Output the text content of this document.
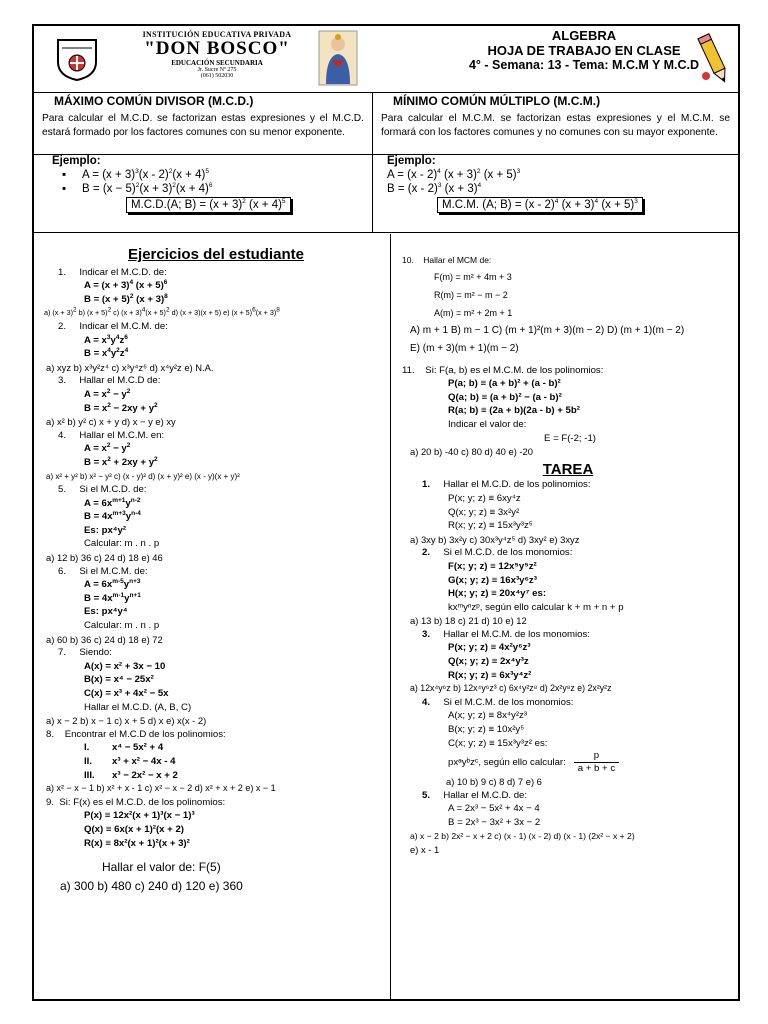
INSTITUCIÓN EDUCATIVA PRIVADA
"DON BOSCO"
EDUCACIÓN SECUNDARIA
Jr. Sucre Nº 275
(061) 502030
ALGEBRA
HOJA DE TRABAJO EN CLASE
4° - Semana: 13 - Tema: M.C.M Y M.C.D
MÁXIMO COMÚN DIVISOR (M.C.D.)
Para calcular el M.C.D. se factorizan estas expresiones y el M.C.D. estará formado por los factores comunes con su menor exponente.
Ejemplo:
▪     $A = (x + 3)^3(x - 2)^2(x + 4)^5$
▪     $B = (x - 5)^2(x + 3)^2(x + 4)^6$
M.C.D.(A; $B) = (x + 3)^2$ $(x + 4)^5$
MÍNIMO COMÚN MÚLTIPLO (M.C.M.)
Para calcular el M.C.M. se factorizan estas expresiones y el M.C.M. se formará con los factores comunes y no comunes con su mayor exponente.
Ejemplo:
A = (x - 2)$^4$ $(x + 3)^2$ $(x + 5)^3$
B = (x - 2)$^3$ $(x + 3)^4$
M.C.M. (A; B) = (x - 2)$^4$ $(x + 3)^4$ $(x + 5)^3$
Ejercicios del estudiante
1. Indicar el M.C.D. de:
$A = (x + 3)^4$ $(x + 5)^6$
$B = (x + 5)^2$ $(x + 3)^8$
a) $(x + 3)^2$ b) $(x + 5)^2$ c) $(x + 3)^4(x + 5)^2$ d) (x + 3)(x + 5) e) $(x + 5)^6(x + 3)^8$
2. Indicar el M.C.M. de:
$A = x^3y^4z^6$
$B = x^4y^2z^4$
a) xyz b) x³y²z⁴ c) x³y⁴z⁶ d) x⁴y²z e) N.A.
3. Hallar el M.C.D de:
$A = x^2 - y^2$
$B = x^2 - 2xy + y^2$
a) x² b) y² c) x + y d) x − y e) xy
4. Hallar el M.C.M. en:
$A = x^2 - y^2$
$B = x^2 + 2xy + y^2$
a) x² + y² b) x² − y² c) (x - y)² d) (x + y)² e) (x - y)(x + y)²
5. Si el M.C.D. de:
$A = 6x^{m+1}y^{n-2}$
$B = 4x^{m+3}y^{n-4}$
Es: px⁴y²
Calcular: m . n . p
a) 12 b) 36 c) 24 d) 18 e) 46
6. Si el M.C.M. de:
$A = 6x^{m-5}y^{n+3}$
$B = 4x^{m-1}y^{n+1}$
Es: px⁴y⁴
Calcular: m . n . p
a) 60 b) 36 c) 24 d) 18 e) 72
7. Siendo:
A(x) = x² + 3x − 10
B(x) = x⁴ − 25x²
C(x) = x³ + 4x² − 5x
Hallar el M.C.D. (A, B, C)
a) x − 2 b) x − 1 c) x + 5 d) x e) x(x - 2)
8. Encontrar el M.C.D de los polinomios:
I. x⁴ − 5x² + 4
II. x³ + x² − 4x - 4
III. x³ − 2x² − x + 2
a) x² − x − 1 b) x² + x - 1 c) x² − x − 2 d) x² + x + 2 e) x − 1
9. Si: F(x) es el M.C.D. de los polinomios:
P(x) ≡ 12x²(x + 1)³(x − 1)³
Q(x) ≡ 6x(x + 1)²(x + 2)
R(x) ≡ 8x²(x + 1)²(x + 3)²
Hallar el valor de: F(5)
a) 300 b) 480 c) 240 d) 120 e) 360
10. Hallar el MCM de:
F(m) = m² + 4m + 3
R(m) = m² − m − 2
A(m) = m² + 2m + 1
A) m + 1 B) m − 1 C) (m + 1)²(m + 3)(m − 2) D) (m + 1)(m − 2)
E) (m + 3)(m + 1)(m − 2)
11. Si: F(a, b) es el M.C.M. de los polinomios:
P(a; b) ≡ (a + b)² + (a - b)²
Q(a; b) ≡ (a + b)² − (a - b)²
R(a; b) ≡ (2a + b)(2a - b) + 5b²
Indicar el valor de:
E = F(-2; -1)
a) 20 b) -40 c) 80 d) 40 e) -20
TAREA
1. Hallar el M.C.D. de los polinomios:
P(x; y; z) ≡ 6xy⁴z
Q(x; y; z) ≡ 3x²y²
R(x; y; z) ≡ 15x³y³z⁵
a) 3xy b) 3x²y c) 30x³y⁴z⁵ d) 3xy² e) 3xyz
2. Si el M.C.D. de los monomios:
F(x; y; z) ≡ 12x⁵y⁵z²
G(x; y; z) ≡ 16x³y⁶z³
H(x; y; z) ≡ 20x⁴y⁷ es:
kxᵐyⁿzᵖ, según ello calcular k + m + n + p
a) 13 b) 18 c) 21 d) 10 e) 12
3. Hallar el M.C.M. de los monomios:
P(x; y; z) ≡ 4x²y⁶z³
Q(x; y; z) ≡ 2x⁴y³z
R(x; y; z) ≡ 6x³y⁴z²
a) 12x⁴y⁶z b) 12x⁴y⁶z³ c) 6x⁴y²z⁸ d) 2x²y⁸z e) 2x²y²z
4. Si el M.C.M. de los monomios:
A(x; y; z) ≡ 8x⁴y²z³
B(x; y; z) ≡ 10x²y⁵
C(x; y; z) ≡ 15x³y³z² es:
pxᵃyᵇzᶜ, según ello calcular:
p
a + b + c
a) 10 b) 9 c) 8 d) 7 e) 6
5. Hallar el M.C.D. de:
A = 2x³ − 5x² + 4x − 4
B = 2x³ − 3x² + 3x − 2
a) x − 2 b) 2x² − x + 2 c) (x - 1) (x - 2) d) (x - 1) (2x² − x + 2)
e) x - 1
